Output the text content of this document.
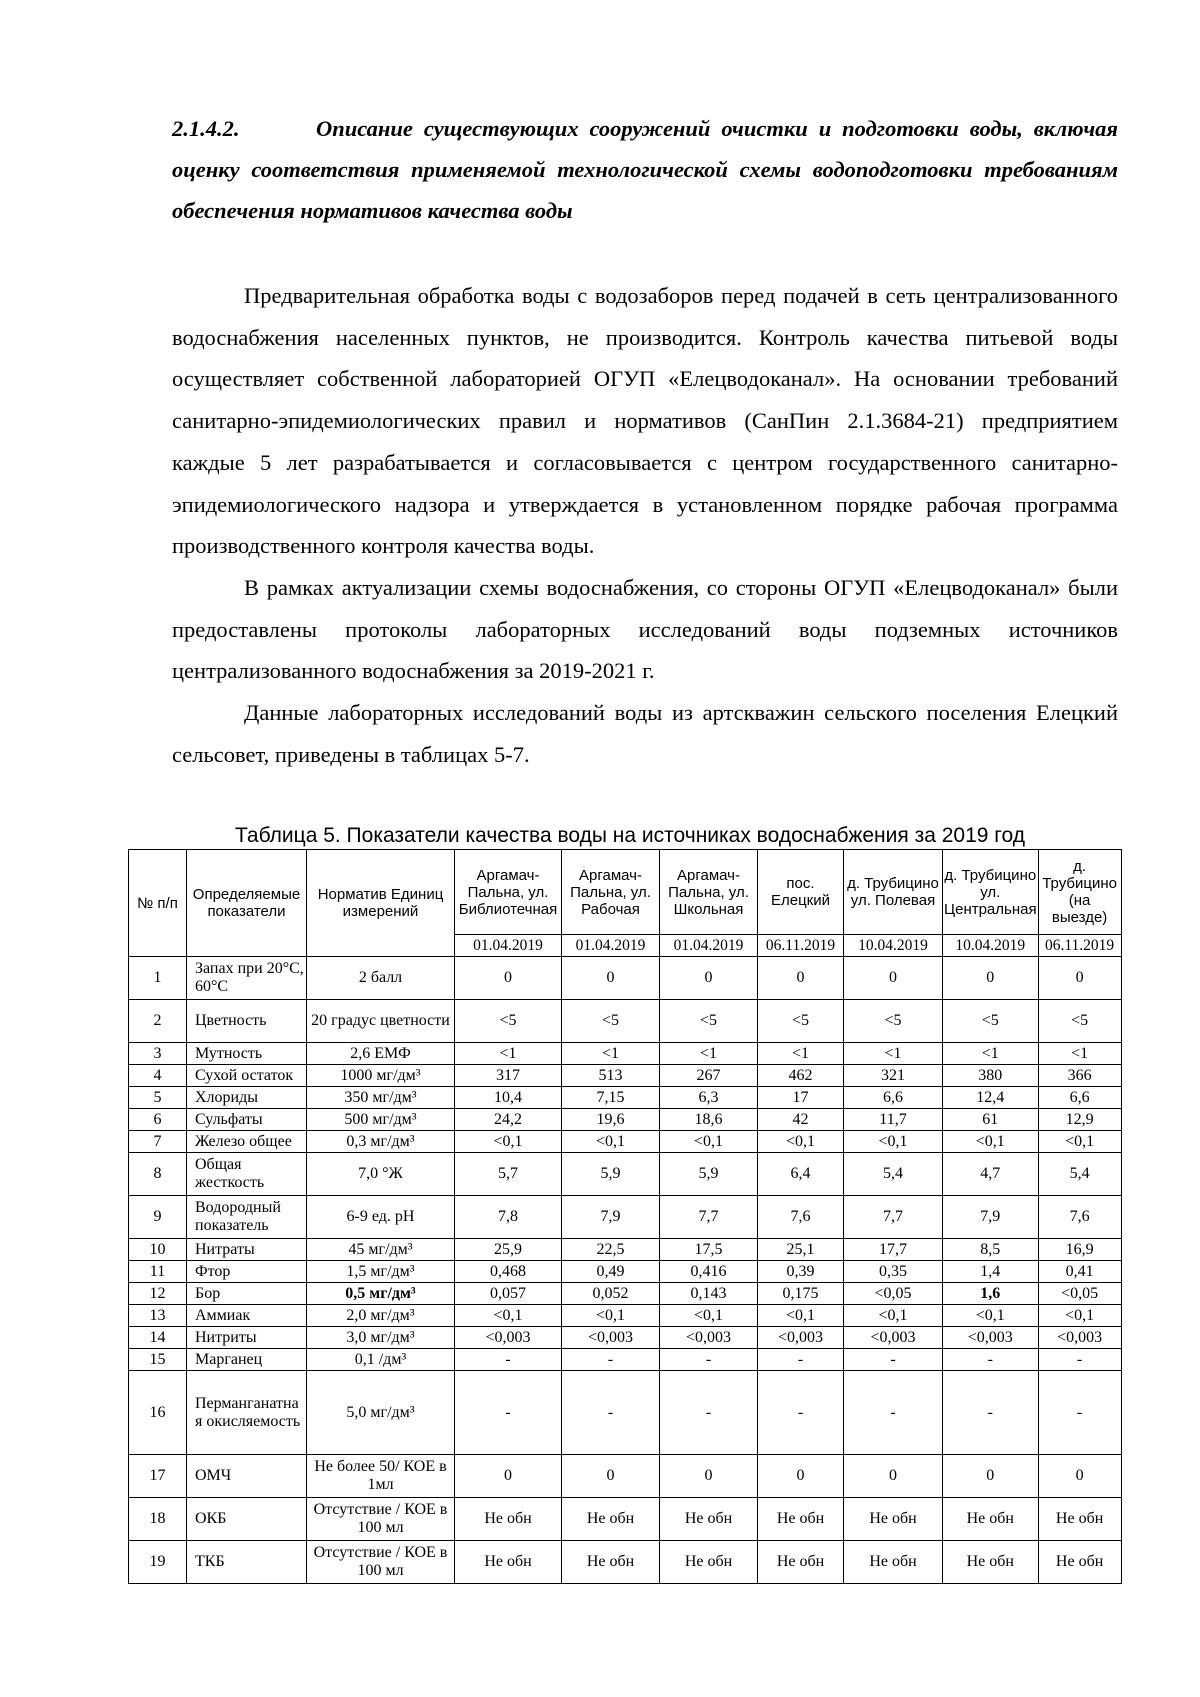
2.1.4.2.	Описание существующих сооружений очистки и подготовки воды, включая оценку соответствия применяемой технологической схемы водоподготовки требованиям обеспечения нормативов качества воды

Предварительная обработка воды с водозаборов перед подачей в сеть централизованного водоснабжения населенных пунктов, не производится. Контроль качества питьевой воды осуществляет собственной лабораторией ОГУП «Елецводоканал». На основании требований санитарно-эпидемиологических правил и нормативов (СанПин 2.1.3684-21) предприятием каждые 5 лет разрабатывается и согласовывается с центром государственного санитарно-эпидемиологического надзора и утверждается в установленном порядке рабочая программа производственного контроля качества воды.

В рамках актуализации схемы водоснабжения, со стороны ОГУП «Елецводоканал» были предоставлены протоколы лабораторных исследований воды подземных источников централизованного водоснабжения за 2019-2021 г.

Данные лабораторных исследований воды из артскважин сельского поселения Елецкий сельсовет, приведены в таблицах 5-7.

Таблица 5. Показатели качества воды на источниках водоснабжения за 2019 год
№ п/п	Определяемые показатели	Норматив Единиц измерений	Аргамач-Пальна, ул. Библиотечная	Аргамач-Пальна, ул. Рабочая	Аргамач-Пальна, ул. Школьная	пос. Елецкий	д. Трубицино ул. Полевая	д. Трубицино ул. Центральная	д. Трубицино (на выезде)
			01.04.2019	01.04.2019	01.04.2019	06.11.2019	10.04.2019	10.04.2019	06.11.2019
1	Запах при 20°С, 60°С	2 балл	0	0	0	0	0	0	0
2	Цветность	20 градус цветности	<5	<5	<5	<5	<5	<5	<5
3	Мутность	2,6 ЕМФ	<1	<1	<1	<1	<1	<1	<1
4	Сухой остаток	1000 мг/дм³	317	513	267	462	321	380	366
5	Хлориды	350 мг/дм³	10,4	7,15	6,3	17	6,6	12,4	6,6
6	Сульфаты	500 мг/дм³	24,2	19,6	18,6	42	11,7	61	12,9
7	Железо общее	0,3 мг/дм³	<0,1	<0,1	<0,1	<0,1	<0,1	<0,1	<0,1
8	Общая жесткость	7,0 °Ж	5,7	5,9	5,9	6,4	5,4	4,7	5,4
9	Водородный показатель	6-9 ед. pH	7,8	7,9	7,7	7,6	7,7	7,9	7,6
10	Нитраты	45 мг/дм³	25,9	22,5	17,5	25,1	17,7	8,5	16,9
11	Фтор	1,5 мг/дм³	0,468	0,49	0,416	0,39	0,35	1,4	0,41
12	Бор	0,5 мг/дм³	0,057	0,052	0,143	0,175	<0,05	1,6	<0,05
13	Аммиак	2,0 мг/дм³	<0,1	<0,1	<0,1	<0,1	<0,1	<0,1	<0,1
14	Нитриты	3,0 мг/дм³	<0,003	<0,003	<0,003	<0,003	<0,003	<0,003	<0,003
15	Марганец	0,1 /дм³	-	-	-	-	-	-	-
16	Перманганатная окисляемость	5,0 мг/дм³	-	-	-	-	-	-	-
17	ОМЧ	Не более 50/ КОЕ в 1мл	0	0	0	0	0	0	0
18	ОКБ	Отсутствие / КОЕ в 100 мл	Не обн	Не обн	Не обн	Не обн	Не обн	Не обн	Не обн
19	ТКБ	Отсутствие / КОЕ в 100 мл	Не обн	Не обн	Не обн	Не обн	Не обн	Не обн	Не обн
